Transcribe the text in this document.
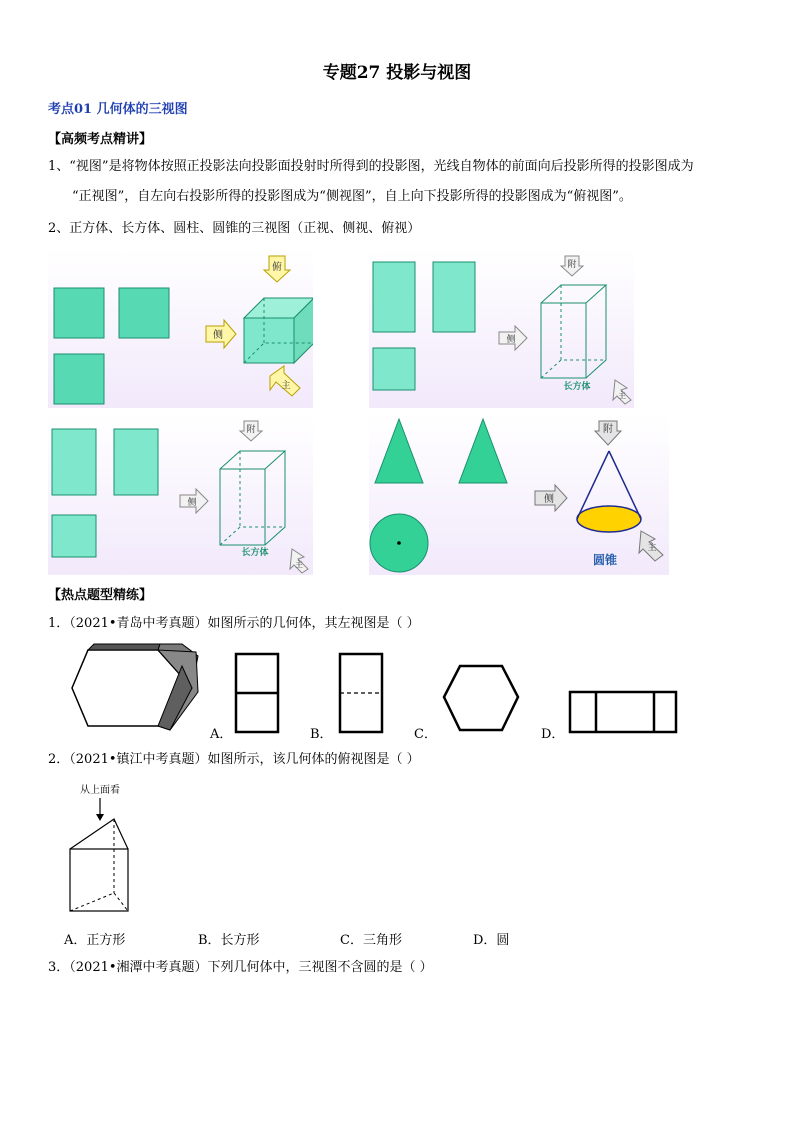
专题27 投影与视图
考点01 几何体的三视图
【高频考点精讲】
1、“视图”是将物体按照正投影法向投影面投射时所得到的投影图，光线自物体的前面向后投影所得的投影图成为
“正视图”，自左向右投影所得的投影图成为“侧视图”，自上向下投影所得的投影图成为“俯视图”。
2、正方体、长方体、圆柱、圆锥的三视图（正视、侧视、俯视）
俯
侧
主
附
侧
长方体
主
附
侧
长方体
主
附
侧
圆锥
主
【热点题型精练】
1．（2021•青岛中考真题）如图所示的几何体，其左视图是（ ）
A．	B．	C．	D．
2．（2021•镇江中考真题）如图所示，该几何体的俯视图是（ ）
从上面看
A．正方形	B．长方形	C．三角形	D．圆
3．（2021•湘潭中考真题）下列几何体中，三视图不含圆的是（ ）
